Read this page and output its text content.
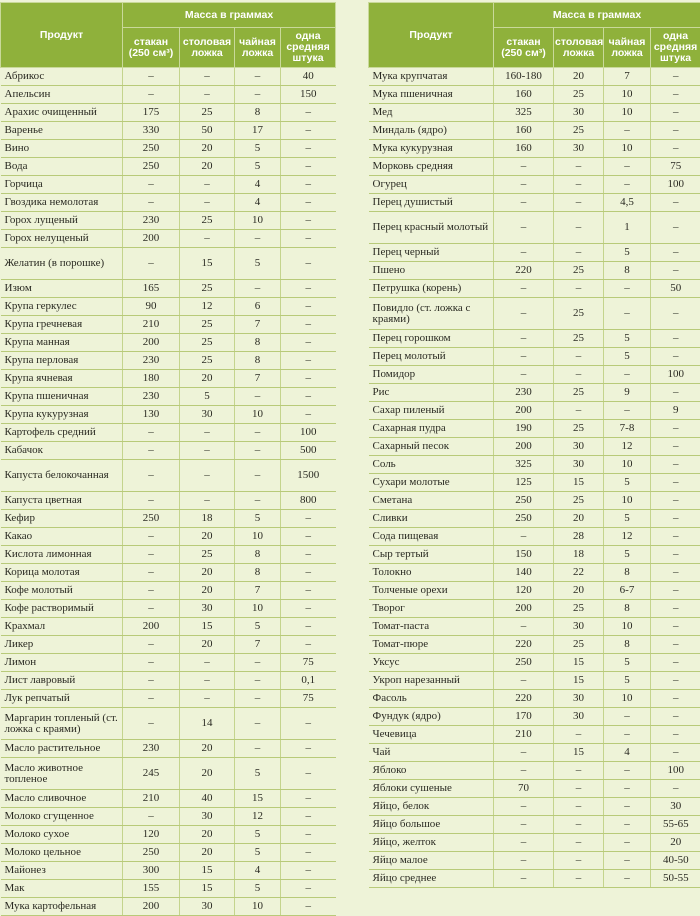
Продукт	Масса в граммах			
	стакан (250 см³)	столовая ложка	чайная ложка	одна средняя штука
Абрикос	–	–	–	40
Апельсин	–	–	–	150
Арахис очищенный	175	25	8	–
Варенье	330	50	17	–
Вино	250	20	5	–
Вода	250	20	5	–
Горчица	–	–	4	–
Гвоздика немолотая	–	–	4	–
Горох лущеный	230	25	10	–
Горох нелущеный	200	–	–	–
Желатин (в порошке)	–	15	5	–
Изюм	165	25	–	–
Крупа геркулес	90	12	6	–
Крупа гречневая	210	25	7	–
Крупа манная	200	25	8	–
Крупа перловая	230	25	8	–
Крупа ячневая	180	20	7	–
Крупа пшеничная	230	5	–	–
Крупа кукурузная	130	30	10	–
Картофель средний	–	–	–	100
Кабачок	–	–	–	500
Капуста белокочанная	–	–	–	1500
Капуста цветная	–	–	–	800
Кефир	250	18	5	–
Какао	–	20	10	–
Кислота лимонная	–	25	8	–
Корица молотая	–	20	8	–
Кофе молотый	–	20	7	–
Кофе растворимый	–	30	10	–
Крахмал	200	15	5	–
Ликер	–	20	7	–
Лимон	–	–	–	75
Лист лавровый	–	–	–	0,1
Лук репчатый	–	–	–	75
Маргарин топленый (ст. ложка с краями)	–	14	–	–
Масло растительное	230	20	–	–
Масло животное топленое	245	20	5	–
Масло сливочное	210	40	15	–
Молоко сгущенное	–	30	12	–
Молоко сухое	120	20	5	–
Молоко цельное	250	20	5	–
Майонез	300	15	4	–
Мак	155	15	5	–
Мука картофельная	200	30	10	–
Продукт	Масса в граммах			
	стакан (250 см³)	столовая ложка	чайная ложка	одна средняя штука
Мука крупчатая	160-180	20	7	–
Мука пшеничная	160	25	10	–
Мед	325	30	10	–
Миндаль (ядро)	160	25	–	–
Мука кукурузная	160	30	10	–
Морковь средняя	–	–	–	75
Огурец	–	–	–	100
Перец душистый	–	–	4,5	–
Перец красный молотый	–	–	1	–
Перец черный	–	–	5	–
Пшено	220	25	8	–
Петрушка (корень)	–	–	–	50
Повидло (ст. ложка с краями)	–	25	–	–
Перец горошком	–	25	5	–
Перец молотый	–	–	5	–
Помидор	–	–	–	100
Рис	230	25	9	–
Сахар пиленый	200	–	–	9
Сахарная пудра	190	25	7-8	–
Сахарный песок	200	30	12	–
Соль	325	30	10	–
Сухари молотые	125	15	5	–
Сметана	250	25	10	–
Сливки	250	20	5	–
Сода пищевая	–	28	12	–
Сыр тертый	150	18	5	–
Толокно	140	22	8	–
Толченые орехи	120	20	6-7	–
Творог	200	25	8	–
Томат-паста	–	30	10	–
Томат-пюре	220	25	8	–
Уксус	250	15	5	–
Укроп нарезанный	–	15	5	–
Фасоль	220	30	10	–
Фундук (ядро)	170	30	–	–
Чечевица	210	–	–	–
Чай	–	15	4	–
Яблоко	–	–	–	100
Яблоки сушеные	70	–	–	–
Яйцо, белок	–	–	–	30
Яйцо большое	–	–	–	55-65
Яйцо, желток	–	–	–	20
Яйцо малое	–	–	–	40-50
Яйцо среднее	–	–	–	50-55
